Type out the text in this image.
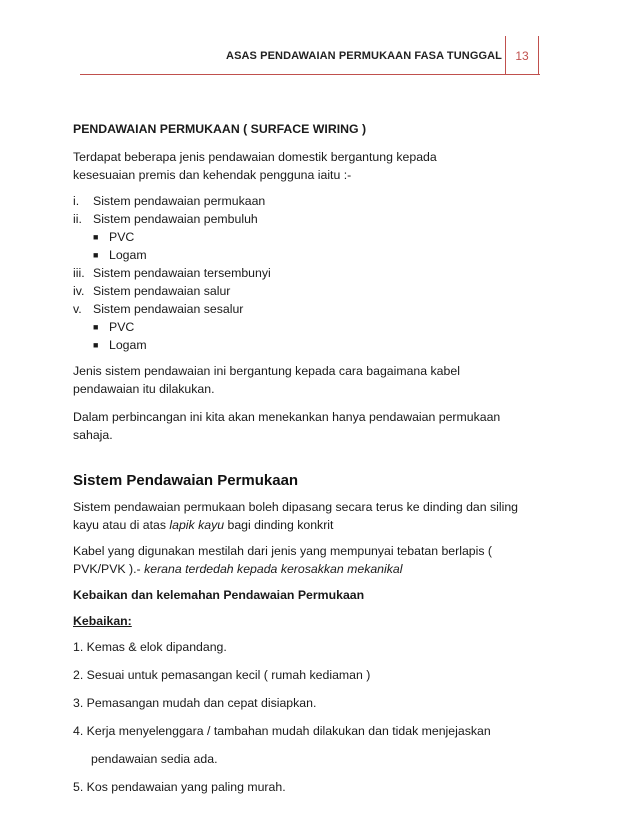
ASAS PENDAWAIAN PERMUKAAN FASA TUNGGAL	13
PENDAWAIAN PERMUKAAN ( SURFACE WIRING )

Terdapat beberapa jenis pendawaian domestik bergantung kepada

kesesuaian premis dan kehendak pengguna iaitu :-

i.	Sistem pendawaian permukaan
ii. Sistem pendawaian pembuluh
■ PVC
■ Logam
iii. Sistem pendawaian tersembunyi
iv. Sistem pendawaian salur
v. Sistem pendawaian sesalur
■ PVC
■ Logam

Jenis sistem pendawaian ini bergantung kepada cara bagaimana kabel

pendawaian itu dilakukan.

Dalam perbincangan ini kita akan menekankan hanya pendawaian permukaan

sahaja.

Sistem Pendawaian Permukaan

Sistem pendawaian permukaan boleh dipasang secara terus ke dinding dan siling

kayu atau di atas lapik kayu bagi dinding konkrit

Kabel yang digunakan mestilah dari jenis yang mempunyai tebatan berlapis (

PVK/PVK ).- kerana terdedah kepada kerosakkan mekanikal

Kebaikan dan kelemahan Pendawaian Permukaan

Kebaikan:

1. Kemas & elok dipandang.

2. Sesuai untuk pemasangan kecil ( rumah kediaman )

3. Pemasangan mudah dan cepat disiapkan.

4. Kerja menyelenggara / tambahan mudah dilakukan dan tidak menjejaskan

pendawaian sedia ada.

5. Kos pendawaian yang paling murah.
